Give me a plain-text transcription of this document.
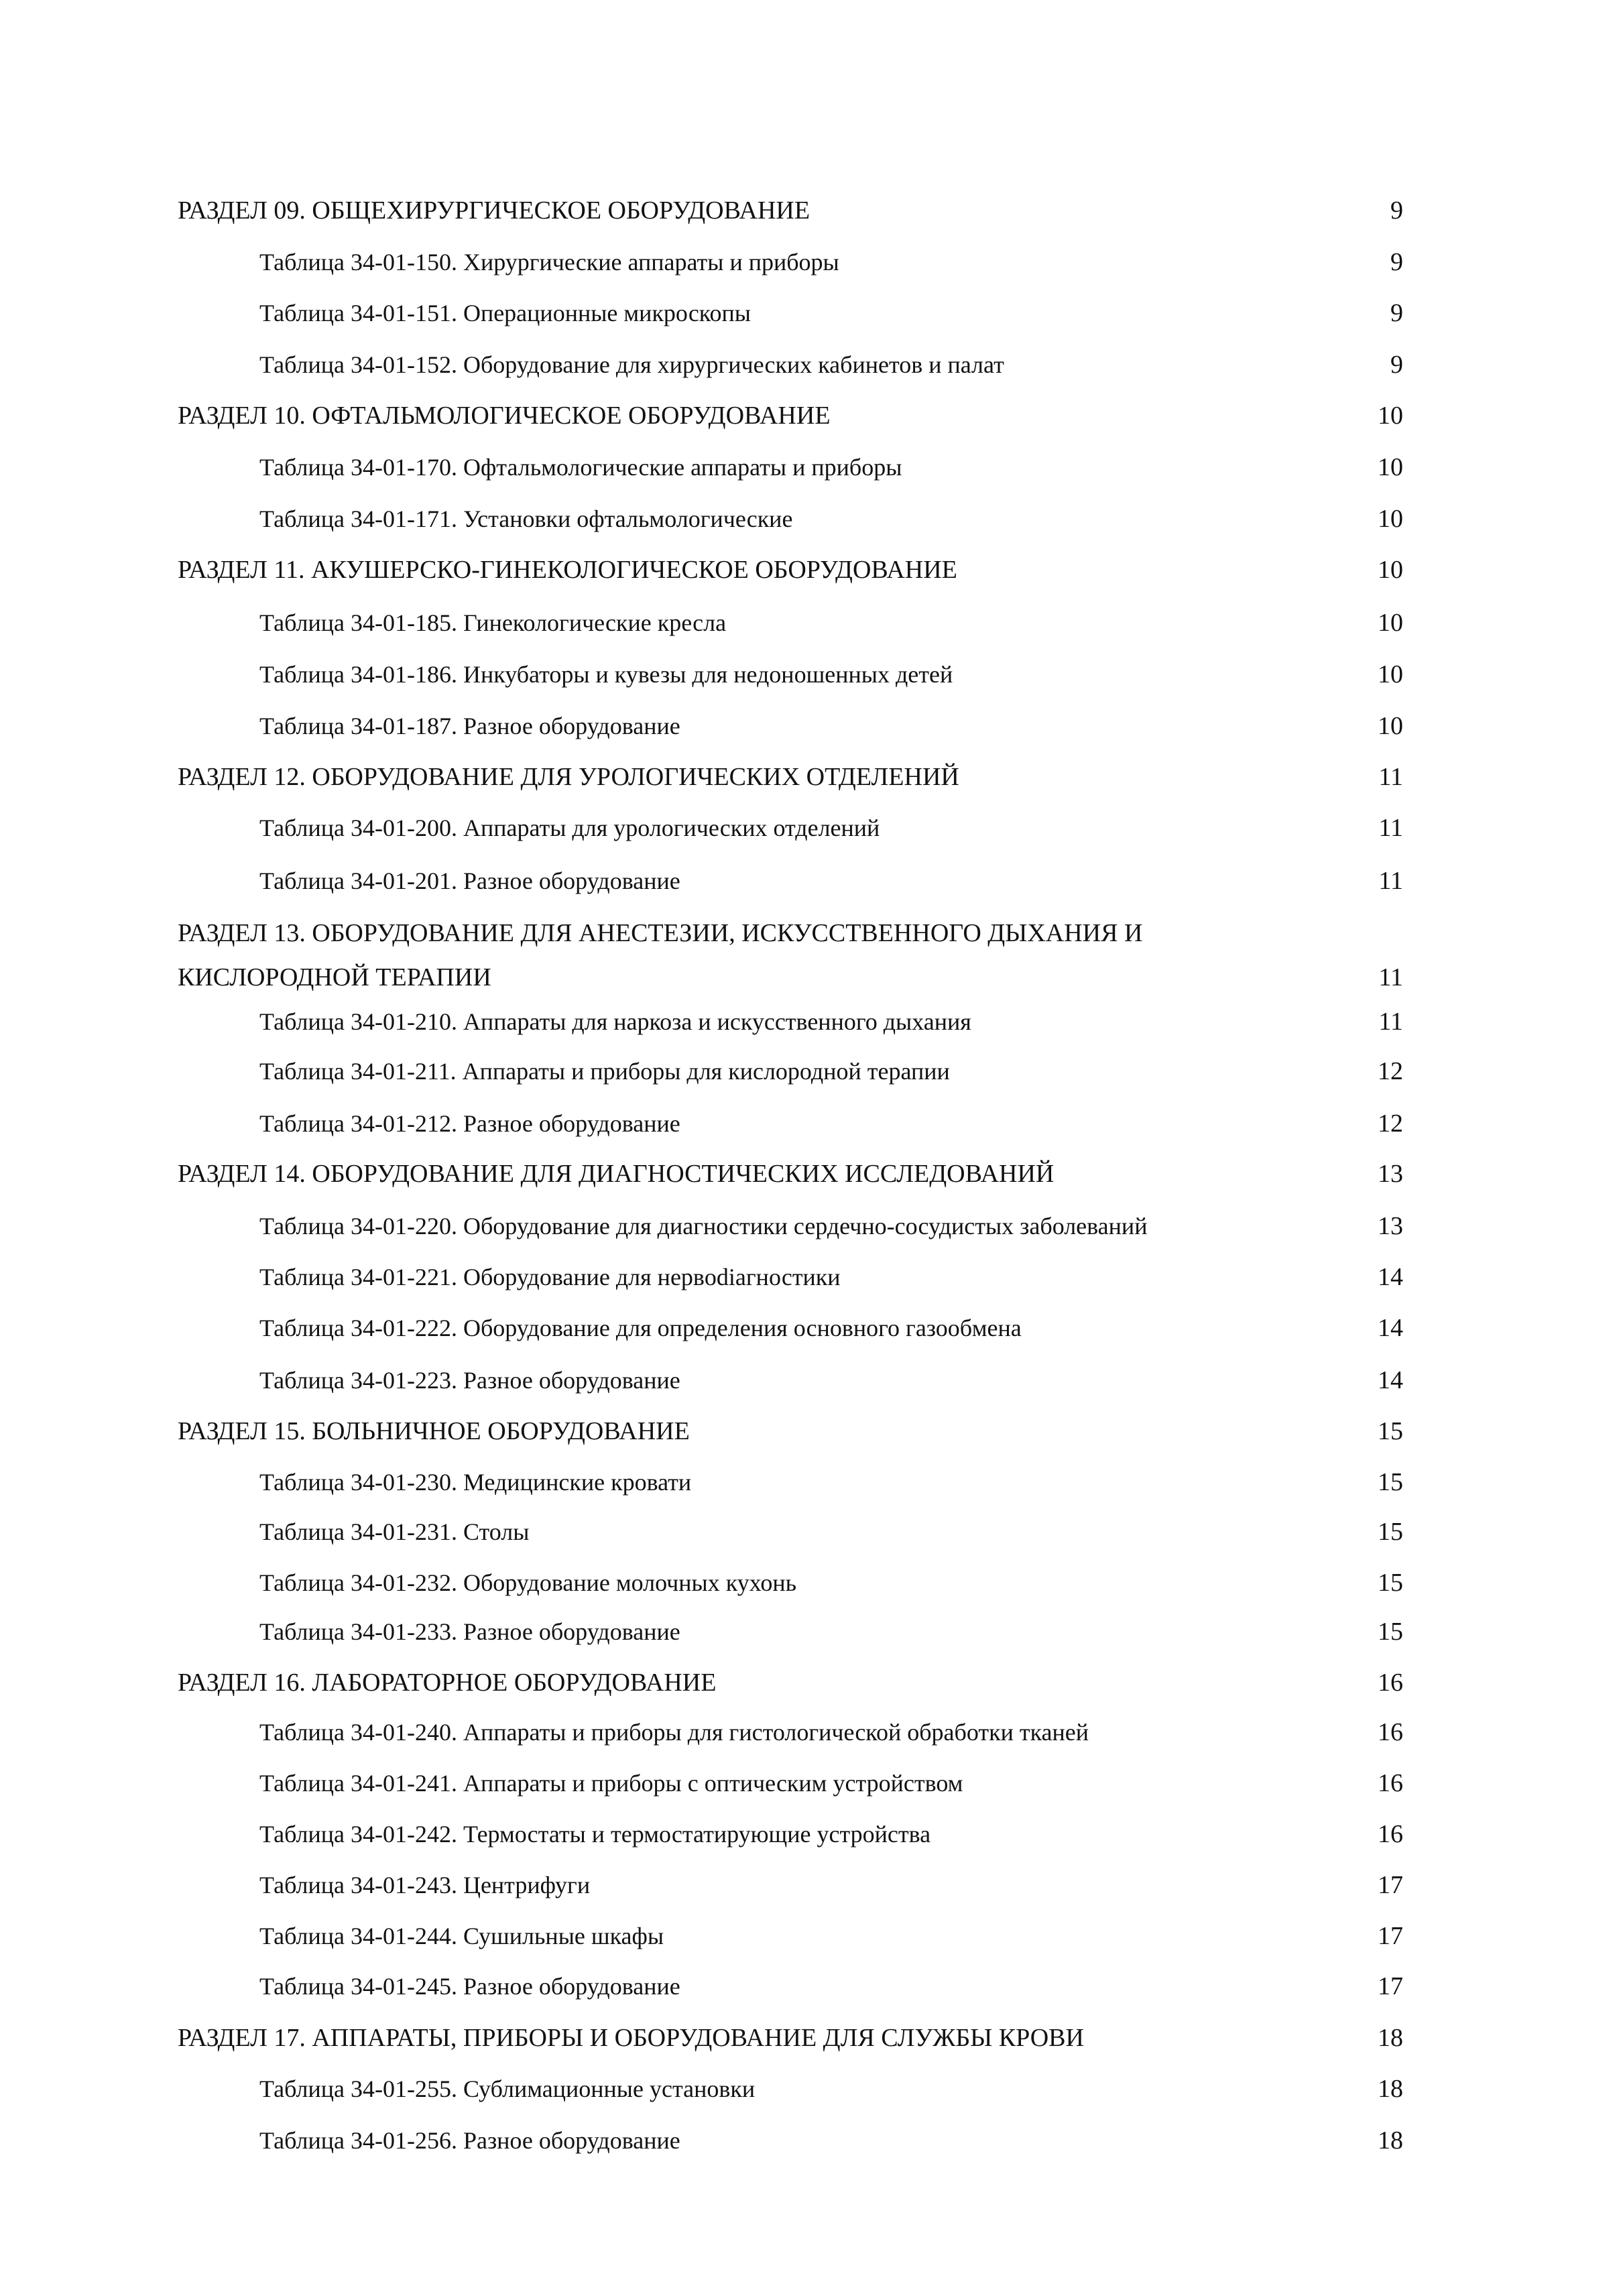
РАЗДЕЛ 09. ОБЩЕХИРУРГИЧЕСКОЕ ОБОРУДОВАНИЕ	9
Таблица 34-01-150. Хирургические аппараты и приборы	9
Таблица 34-01-151. Операционные микроскопы	9
Таблица 34-01-152. Оборудование для хирургических кабинетов и палат	9
РАЗДЕЛ 10. ОФТАЛЬМОЛОГИЧЕСКОЕ ОБОРУДОВАНИЕ	10
Таблица 34-01-170. Офтальмологические аппараты и приборы	10
Таблица 34-01-171. Установки офтальмологические	10
РАЗДЕЛ 11. АКУШЕРСКО-ГИНЕКОЛОГИЧЕСКОЕ ОБОРУДОВАНИЕ	10
Таблица 34-01-185. Гинекологические кресла	10
Таблица 34-01-186. Инкубаторы и кувезы для недоношенных детей	10
Таблица 34-01-187. Разное оборудование	10
РАЗДЕЛ 12. ОБОРУДОВАНИЕ ДЛЯ УРОЛОГИЧЕСКИХ ОТДЕЛЕНИЙ	11
Таблица 34-01-200. Аппараты для урологических отделений	11
Таблица 34-01-201. Разное оборудование	11
РАЗДЕЛ 13. ОБОРУДОВАНИЕ ДЛЯ АНЕСТЕЗИИ, ИСКУССТВЕННОГО ДЫХАНИЯ И
КИСЛОРОДНОЙ ТЕРАПИИ	11
Таблица 34-01-210. Аппараты для наркоза и искусственного дыхания	11
Таблица 34-01-211. Аппараты и приборы для кислородной терапии	12
Таблица 34-01-212. Разное оборудование	12
РАЗДЕЛ 14. ОБОРУДОВАНИЕ ДЛЯ ДИАГНОСТИЧЕСКИХ ИССЛЕДОВАНИЙ	13
Таблица 34-01-220. Оборудование для диагностики сердечно-сосудистых заболеваний	13
Таблица 34-01-221. Оборудование для нервodiагностики	14
Таблица 34-01-222. Оборудование для определения основного газообмена	14
Таблица 34-01-223. Разное оборудование	14
РАЗДЕЛ 15. БОЛЬНИЧНОЕ ОБОРУДОВАНИЕ	15
Таблица 34-01-230. Медицинские кровати	15
Таблица 34-01-231. Столы	15
Таблица 34-01-232. Оборудование молочных кухонь	15
Таблица 34-01-233. Разное оборудование	15
РАЗДЕЛ 16. ЛАБОРАТОРНОЕ ОБОРУДОВАНИЕ	16
Таблица 34-01-240. Аппараты и приборы для гистологической обработки тканей	16
Таблица 34-01-241. Аппараты и приборы с оптическим устройством	16
Таблица 34-01-242. Термостаты и термостатирующие устройства	16
Таблица 34-01-243. Центрифуги	17
Таблица 34-01-244. Сушильные шкафы	17
Таблица 34-01-245. Разное оборудование	17
РАЗДЕЛ 17. АППАРАТЫ, ПРИБОРЫ И ОБОРУДОВАНИЕ ДЛЯ СЛУЖБЫ КРОВИ	18
Таблица 34-01-255. Сублимационные установки	18
Таблица 34-01-256. Разное оборудование	18
